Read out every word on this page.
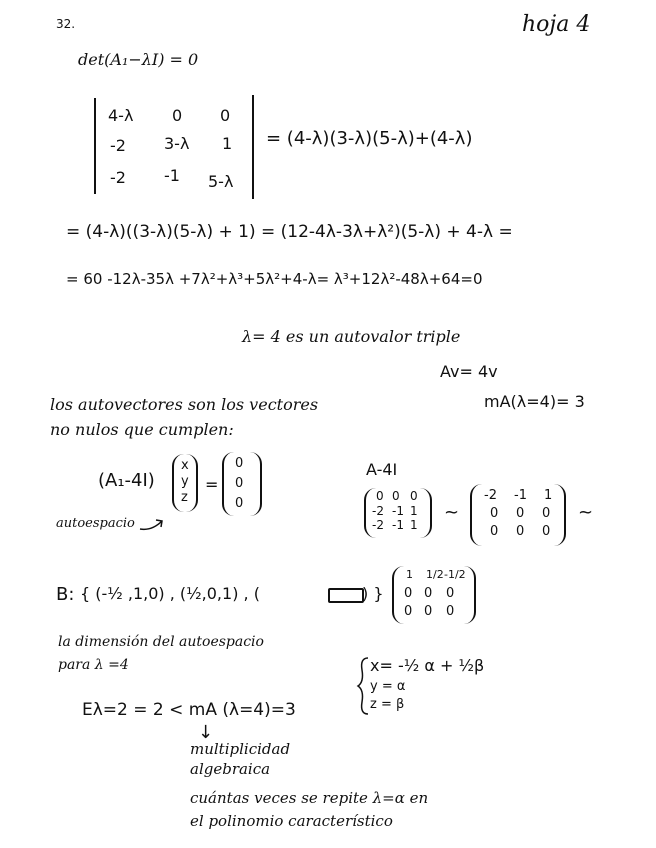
32.	hoja 4
det(A₁−λI) = 0
4-λ 0 0
-2 3-λ 1
-2 -1 5-λ
= (4-λ)(3-λ)(5-λ)+(4-λ)
= (4-λ)((3-λ)(5-λ) + 1) = (12-4λ-3λ+λ²)(5-λ) + 4-λ =
= 60 -12λ-35λ +7λ²+λ³+5λ²+4-λ= λ³+12λ²-48λ+64=0
λ= 4 es un autovalor triple
Av= 4v
mA(λ=4)= 3
los autovectores son los vectores
no nulos que cumplen:
(A₁-4I)
x
y
z
=
0
0
0
autoespacio
A-4I
0 0 0
-2 -1 1
-2 -1 1
~
-2 -1 1
0 0 0
0 0 0
~
B: { (-½ ,1,0) , (½,0,1) , (	) }
1 1/2 -1/2
0 0 0
0 0 0
la dimensión del autoespacio
para λ =4	x= -½ α + ½β
y = α
z = β
Eλ=2 = 2 < mA (λ=4)=3
↓
multiplicidad
algebraica
cuántas veces se repite λ=α en
el polinomio característico
